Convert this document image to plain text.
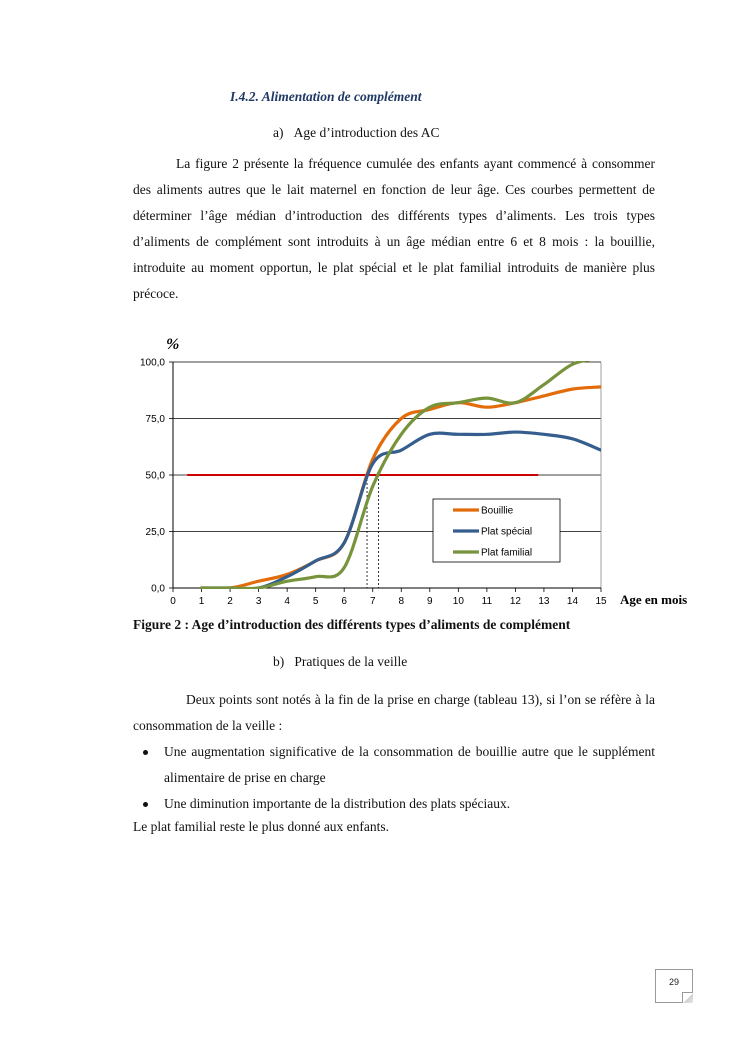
I.4.2. Alimentation de complément
a)   Age d’introduction des AC
La figure 2 présente la fréquence cumulée des enfants ayant commencé à consommer des aliments autres que le lait maternel en fonction de leur âge. Ces courbes permettent de déterminer l’âge médian d’introduction des différents types d’aliments. Les trois types d’aliments de complément sont introduits à un âge médian entre 6 et 8 mois : la bouillie, introduite au moment opportun, le plat spécial et le plat familial introduits de manière plus précoce.
0,0
25,0
50,0
75,0
100,0
0 1 2 3 4 5 6 7 8 9 10 11 12 13 14 15
Bouillie
Plat spécial
Plat familial
%
Age en mois
Figure 2 : Age d’introduction des différents types d’aliments de complément
b)   Pratiques de la veille
Deux points sont notés à la fin de la prise en charge (tableau 13), si l’on se réfère à la consommation de la veille :
Une augmentation significative de la consommation de bouillie autre que le supplément alimentaire de prise en charge
Une diminution importante de la distribution des plats spéciaux.
Le plat familial reste le plus donné aux enfants.
29
